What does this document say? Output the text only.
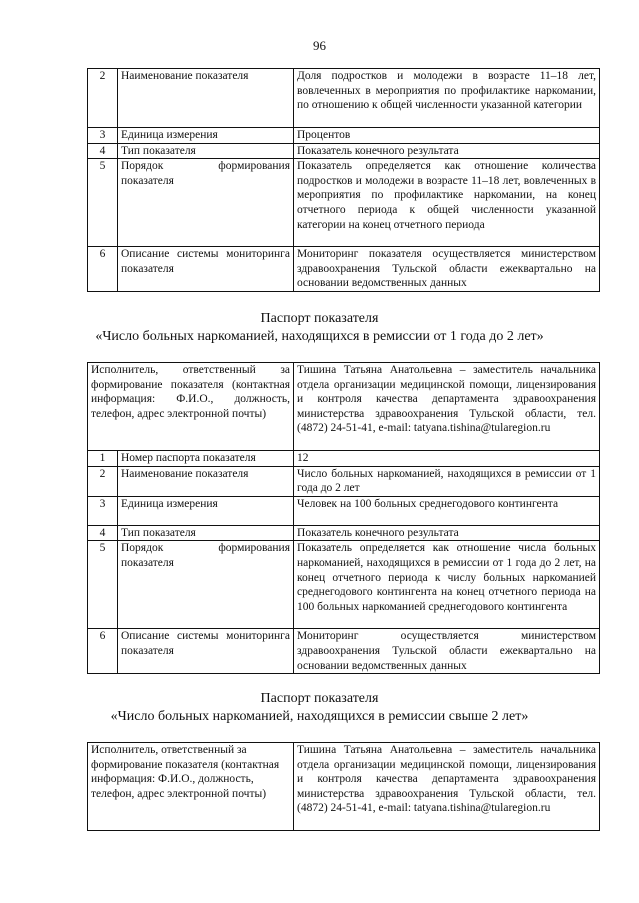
96
2	Наименование показателя	Доля подростков и молодежи в возрасте 11–18 лет, вовлеченных в мероприятия по профилактике наркомании, по отношению к общей численности указанной категории
3	Единица измерения	Процентов
4	Тип показателя	Показатель конечного результата
5	Порядок формирования показателя	Показатель определяется как отношение количества подростков и молодежи в возрасте 11–18 лет, вовлеченных в мероприятия по профилактике наркомании, на конец отчетного периода к общей численности указанной категории на конец отчетного периода
6	Описание системы мониторинга показателя	Мониторинг показателя осуществляется министерством здравоохранения Тульской области ежеквартально на основании ведомственных данных
Паспорт показателя
«Число больных наркоманией, находящихся в ремиссии от 1 года до 2 лет»
Исполнитель, ответственный за формирование показателя (контактная информация: Ф.И.О., должность, телефон, адрес электронной почты)		Тишина Татьяна Анатольевна – заместитель начальника отдела организации медицинской помощи, лицензирования и контроля качества департамента здравоохранения министерства здравоохранения Тульской области, тел. (4872) 24-51-41, e-mail: tatyana.tishina@tularegion.ru
1	Номер паспорта показателя	12
2	Наименование показателя	Число больных наркоманией, находящихся в ремиссии от 1 года до 2 лет
3	Единица измерения	Человек на 100 больных среднегодового контингента
4	Тип показателя	Показатель конечного результата
5	Порядок формирования показателя	Показатель определяется как отношение числа больных наркоманией, находящихся в ремиссии от 1 года до 2 лет, на конец отчетного периода к числу больных наркоманией среднегодового контингента на конец отчетного периода на 100 больных наркоманией среднегодового контингента
6	Описание системы мониторинга показателя	Мониторинг осуществляется министерством здравоохранения Тульской области ежеквартально на основании ведомственных данных
Паспорт показателя
«Число больных наркоманией, находящихся в ремиссии свыше 2 лет»
Исполнитель, ответственный за формирование показателя (контактная информация: Ф.И.О., должность, телефон, адрес электронной почты)	Тишина Татьяна Анатольевна – заместитель начальника отдела организации медицинской помощи, лицензирования и контроля качества департамента здравоохранения министерства здравоохранения Тульской области, тел. (4872) 24-51-41, e-mail: tatyana.tishina@tularegion.ru
